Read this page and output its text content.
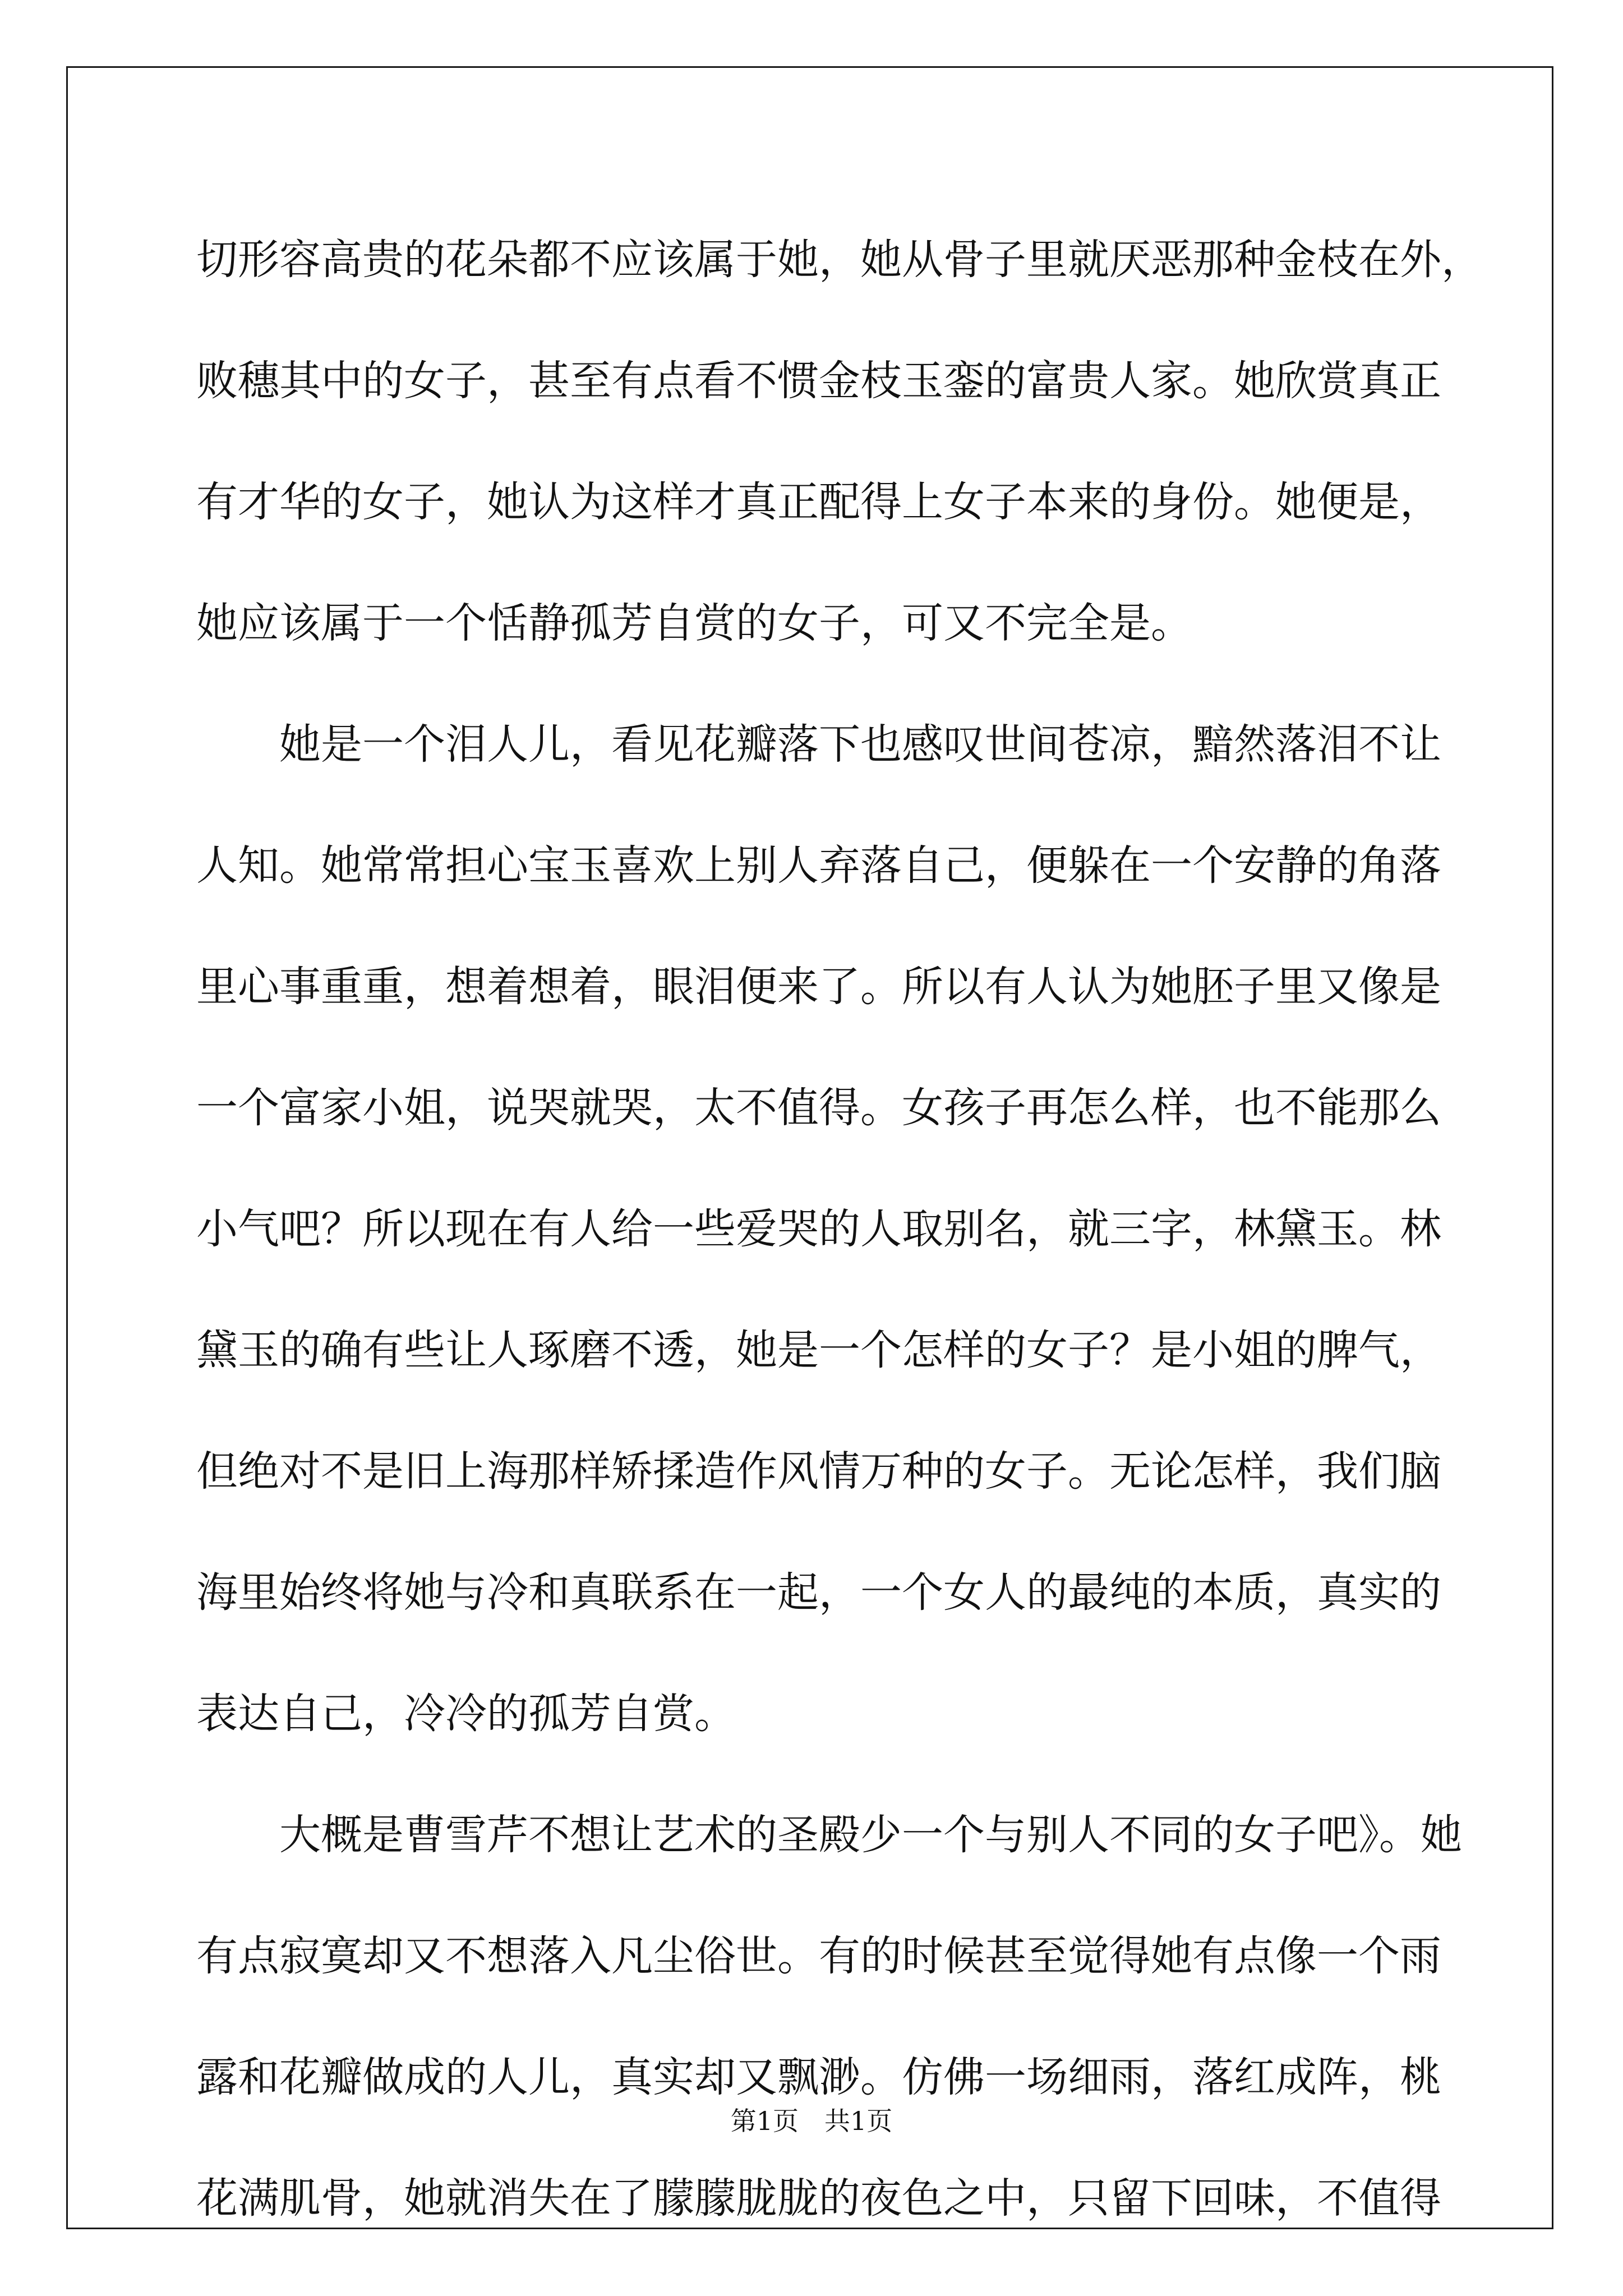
切形容高贵的花朵都不应该属于她，她从骨子里就厌恶那种金枝在外，
败穗其中的女子，甚至有点看不惯金枝玉銮的富贵人家。她欣赏真正
有才华的女子，她认为这样才真正配得上女子本来的身份。她便是，
她应该属于一个恬静孤芳自赏的女子，可又不完全是。

她是一个泪人儿，看见花瓣落下也感叹世间苍凉，黯然落泪不让
人知。她常常担心宝玉喜欢上别人弃落自己，便躲在一个安静的角落
里心事重重，想着想着，眼泪便来了。所以有人认为她胚子里又像是
一个富家小姐，说哭就哭，太不值得。女孩子再怎么样，也不能那么
小气吧？所以现在有人给一些爱哭的人取别名，就三字，林黛玉。林
黛玉的确有些让人琢磨不透，她是一个怎样的女子？是小姐的脾气，
但绝对不是旧上海那样矫揉造作风情万种的女子。无论怎样，我们脑
海里始终将她与冷和真联系在一起，一个女人的最纯的本质，真实的
表达自己，冷冷的孤芳自赏。

大概是曹雪芹不想让艺术的圣殿少一个与别人不同的女子吧》。她
有点寂寞却又不想落入凡尘俗世。有的时候甚至觉得她有点像一个雨
露和花瓣做成的人儿，真实却又飘渺。仿佛一场细雨，落红成阵，桃
花满肌骨，她就消失在了朦朦胧胧的夜色之中，只留下回味，不值得

第1页　共1页
